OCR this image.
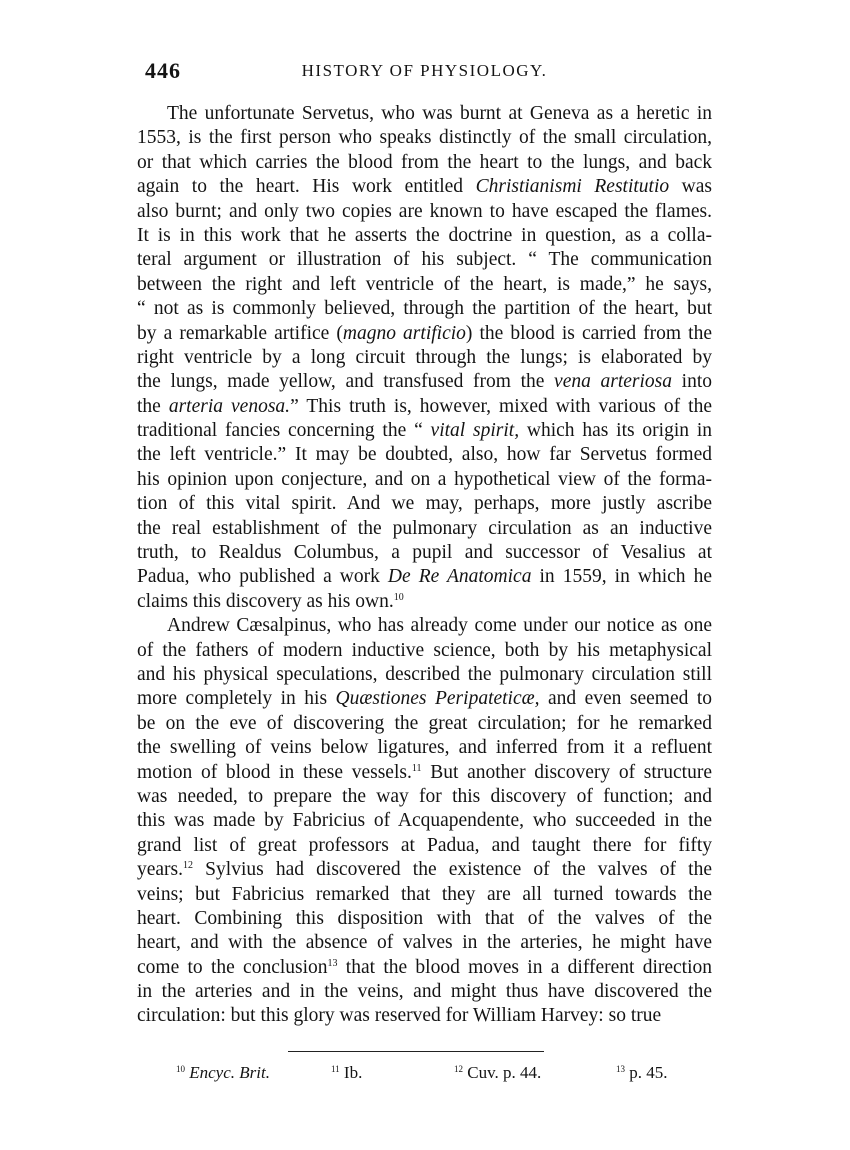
446	HISTORY OF PHYSIOLOGY.
The unfortunate Servetus, who was burnt at Geneva as a heretic in
1553, is the first person who speaks distinctly of the small circulation,
or that which carries the blood from the heart to the lungs, and back
again to the heart. His work entitled Christianismi Restitutio was
also burnt; and only two copies are known to have escaped the flames.
It is in this work that he asserts the doctrine in question, as a colla-
teral argument or illustration of his subject. “ The communication
between the right and left ventricle of the heart, is made,” he says,
“ not as is commonly believed, through the partition of the heart, but
by a remarkable artifice (magno artificio) the blood is carried from the
right ventricle by a long circuit through the lungs; is elaborated by
the lungs, made yellow, and transfused from the vena arteriosa into
the arteria venosa.” This truth is, however, mixed with various of the
traditional fancies concerning the “ vital spirit, which has its origin in
the left ventricle.” It may be doubted, also, how far Servetus formed
his opinion upon conjecture, and on a hypothetical view of the forma-
tion of this vital spirit. And we may, perhaps, more justly ascribe
the real establishment of the pulmonary circulation as an inductive
truth, to Realdus Columbus, a pupil and successor of Vesalius at
Padua, who published a work De Re Anatomica in 1559, in which he
claims this discovery as his own.$^{10}$
Andrew Cæsalpinus, who has already come under our notice as one
of the fathers of modern inductive science, both by his metaphysical
and his physical speculations, described the pulmonary circulation still
more completely in his Quæstiones Peripateticæ, and even seemed to
be on the eve of discovering the great circulation; for he remarked
the swelling of veins below ligatures, and inferred from it a refluent
motion of blood in these vessels.$^{11}$ But another discovery of structure
was needed, to prepare the way for this discovery of function; and
this was made by Fabricius of Acquapendente, who succeeded in the
grand list of great professors at Padua, and taught there for fifty
years.$^{12}$ Sylvius had discovered the existence of the valves of the
veins; but Fabricius remarked that they are all turned towards the
heart. Combining this disposition with that of the valves of the
heart, and with the absence of valves in the arteries, he might have
come to the conclusion$^{13}$ that the blood moves in a different direction
in the arteries and in the veins, and might thus have discovered the
circulation: but this glory was reserved for William Harvey: so true
$^{10}$ Encyc. Brit.	$^{11}$ Ib.	$^{12}$ Cuv. p. 44.	$^{13}$ p. 45.
